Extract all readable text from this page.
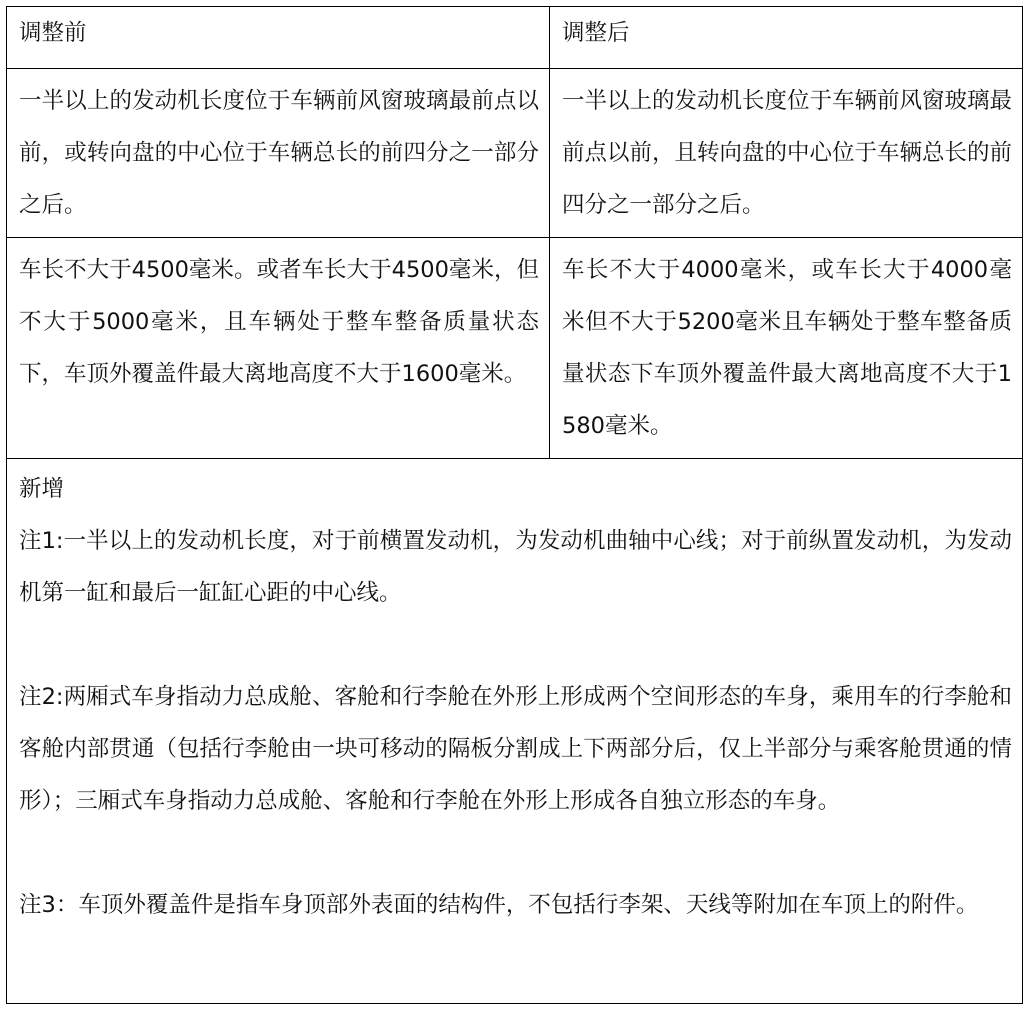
调整前	调整后
一半以上的发动机长度位于车辆前风窗玻璃最前点以前，或转向盘的中心位于车辆总长的前四分之一部分之后。	一半以上的发动机长度位于车辆前风窗玻璃最前点以前，且转向盘的中心位于车辆总长的前四分之一部分之后。
车长不大于4500毫米。或者车长大于4500毫米，但不大于5000毫米，且车辆处于整车整备质量状态下，车顶外覆盖件最大离地高度不大于1600毫米。	车长不大于4000毫米，或车长大于4000毫米但不大于5200毫米且车辆处于整车整备质量状态下车顶外覆盖件最大离地高度不大于1580毫米。

新增
注1:一半以上的发动机长度，对于前横置发动机，为发动机曲轴中心线；对于前纵置发动机，为发动机第一缸和最后一缸缸心距的中心线。
注2:两厢式车身指动力总成舱、客舱和行李舱在外形上形成两个空间形态的车身，乘用车的行李舱和客舱内部贯通（包括行李舱由一块可移动的隔板分割成上下两部分后，仅上半部分与乘客舱贯通的情形）；三厢式车身指动力总成舱、客舱和行李舱在外形上形成各自独立形态的车身。
注3：车顶外覆盖件是指车身顶部外表面的结构件，不包括行李架、天线等附加在车顶上的附件。	
